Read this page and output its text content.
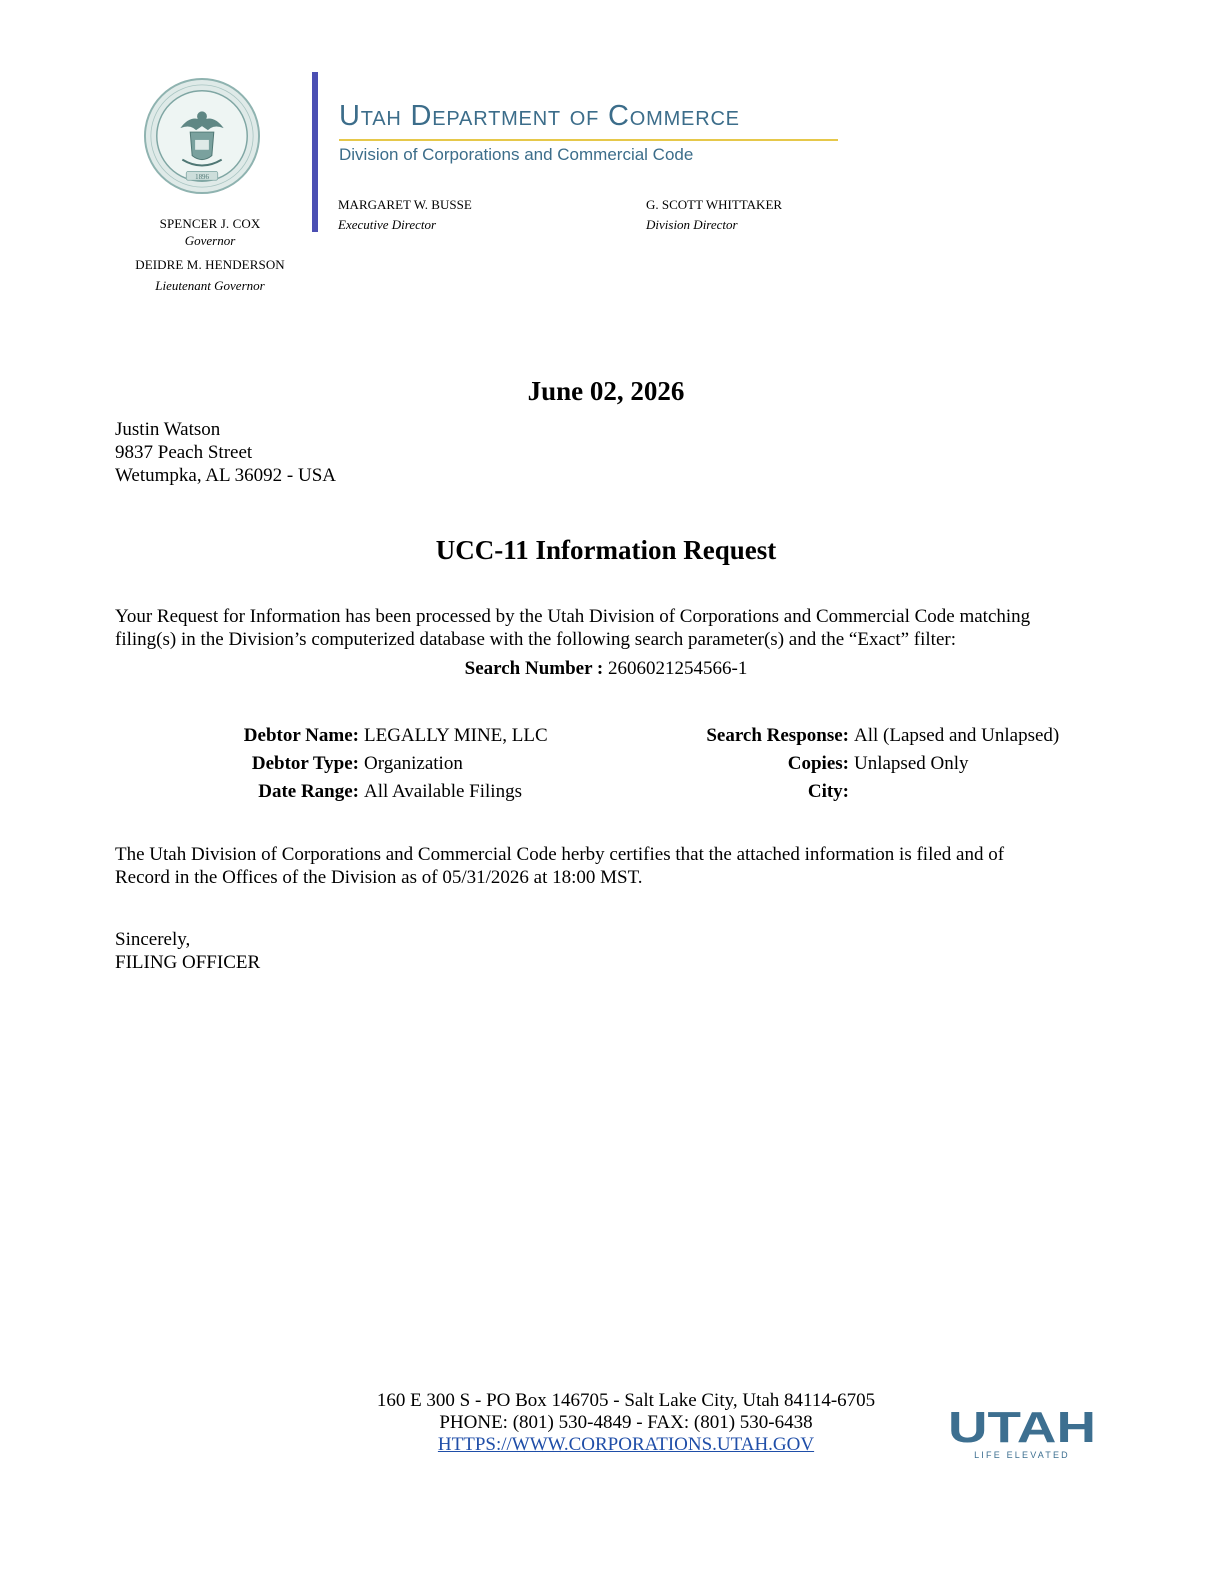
1896
SPENCER J. COX
Governor
DEIDRE M. HENDERSON
Lieutenant Governor
Utah Department of Commerce
Division of Corporations and Commercial Code
MARGARET W. BUSSE
Executive Director
G. SCOTT WHITTAKER
Division Director
June 02, 2026
Justin Watson
9837 Peach Street
Wetumpka, AL 36092 - USA
UCC-11 Information Request
Your Request for Information has been processed by the Utah Division of Corporations and Commercial Code matching
filing(s) in the Division’s computerized database with the following search parameter(s) and the “Exact” filter:
Search Number : 2606021254566-1
Debtor Name: LEGALLY MINE, LLC
Debtor Type: Organization
Date Range: All Available Filings
Search Response: All (Lapsed and Unlapsed)
Copies: Unlapsed Only
City:
The Utah Division of Corporations and Commercial Code herby certifies that the attached information is filed and of
Record in the Offices of the Division as of 05/31/2026 at 18:00 MST.
Sincerely,
FILING OFFICER
160 E 300 S - PO Box 146705 - Salt Lake City, Utah 84114-6705
PHONE: (801) 530-4849 - FAX: (801) 530-6438
HTTPS://WWW.CORPORATIONS.UTAH.GOV	UTAH
LIFE ELEVATED
